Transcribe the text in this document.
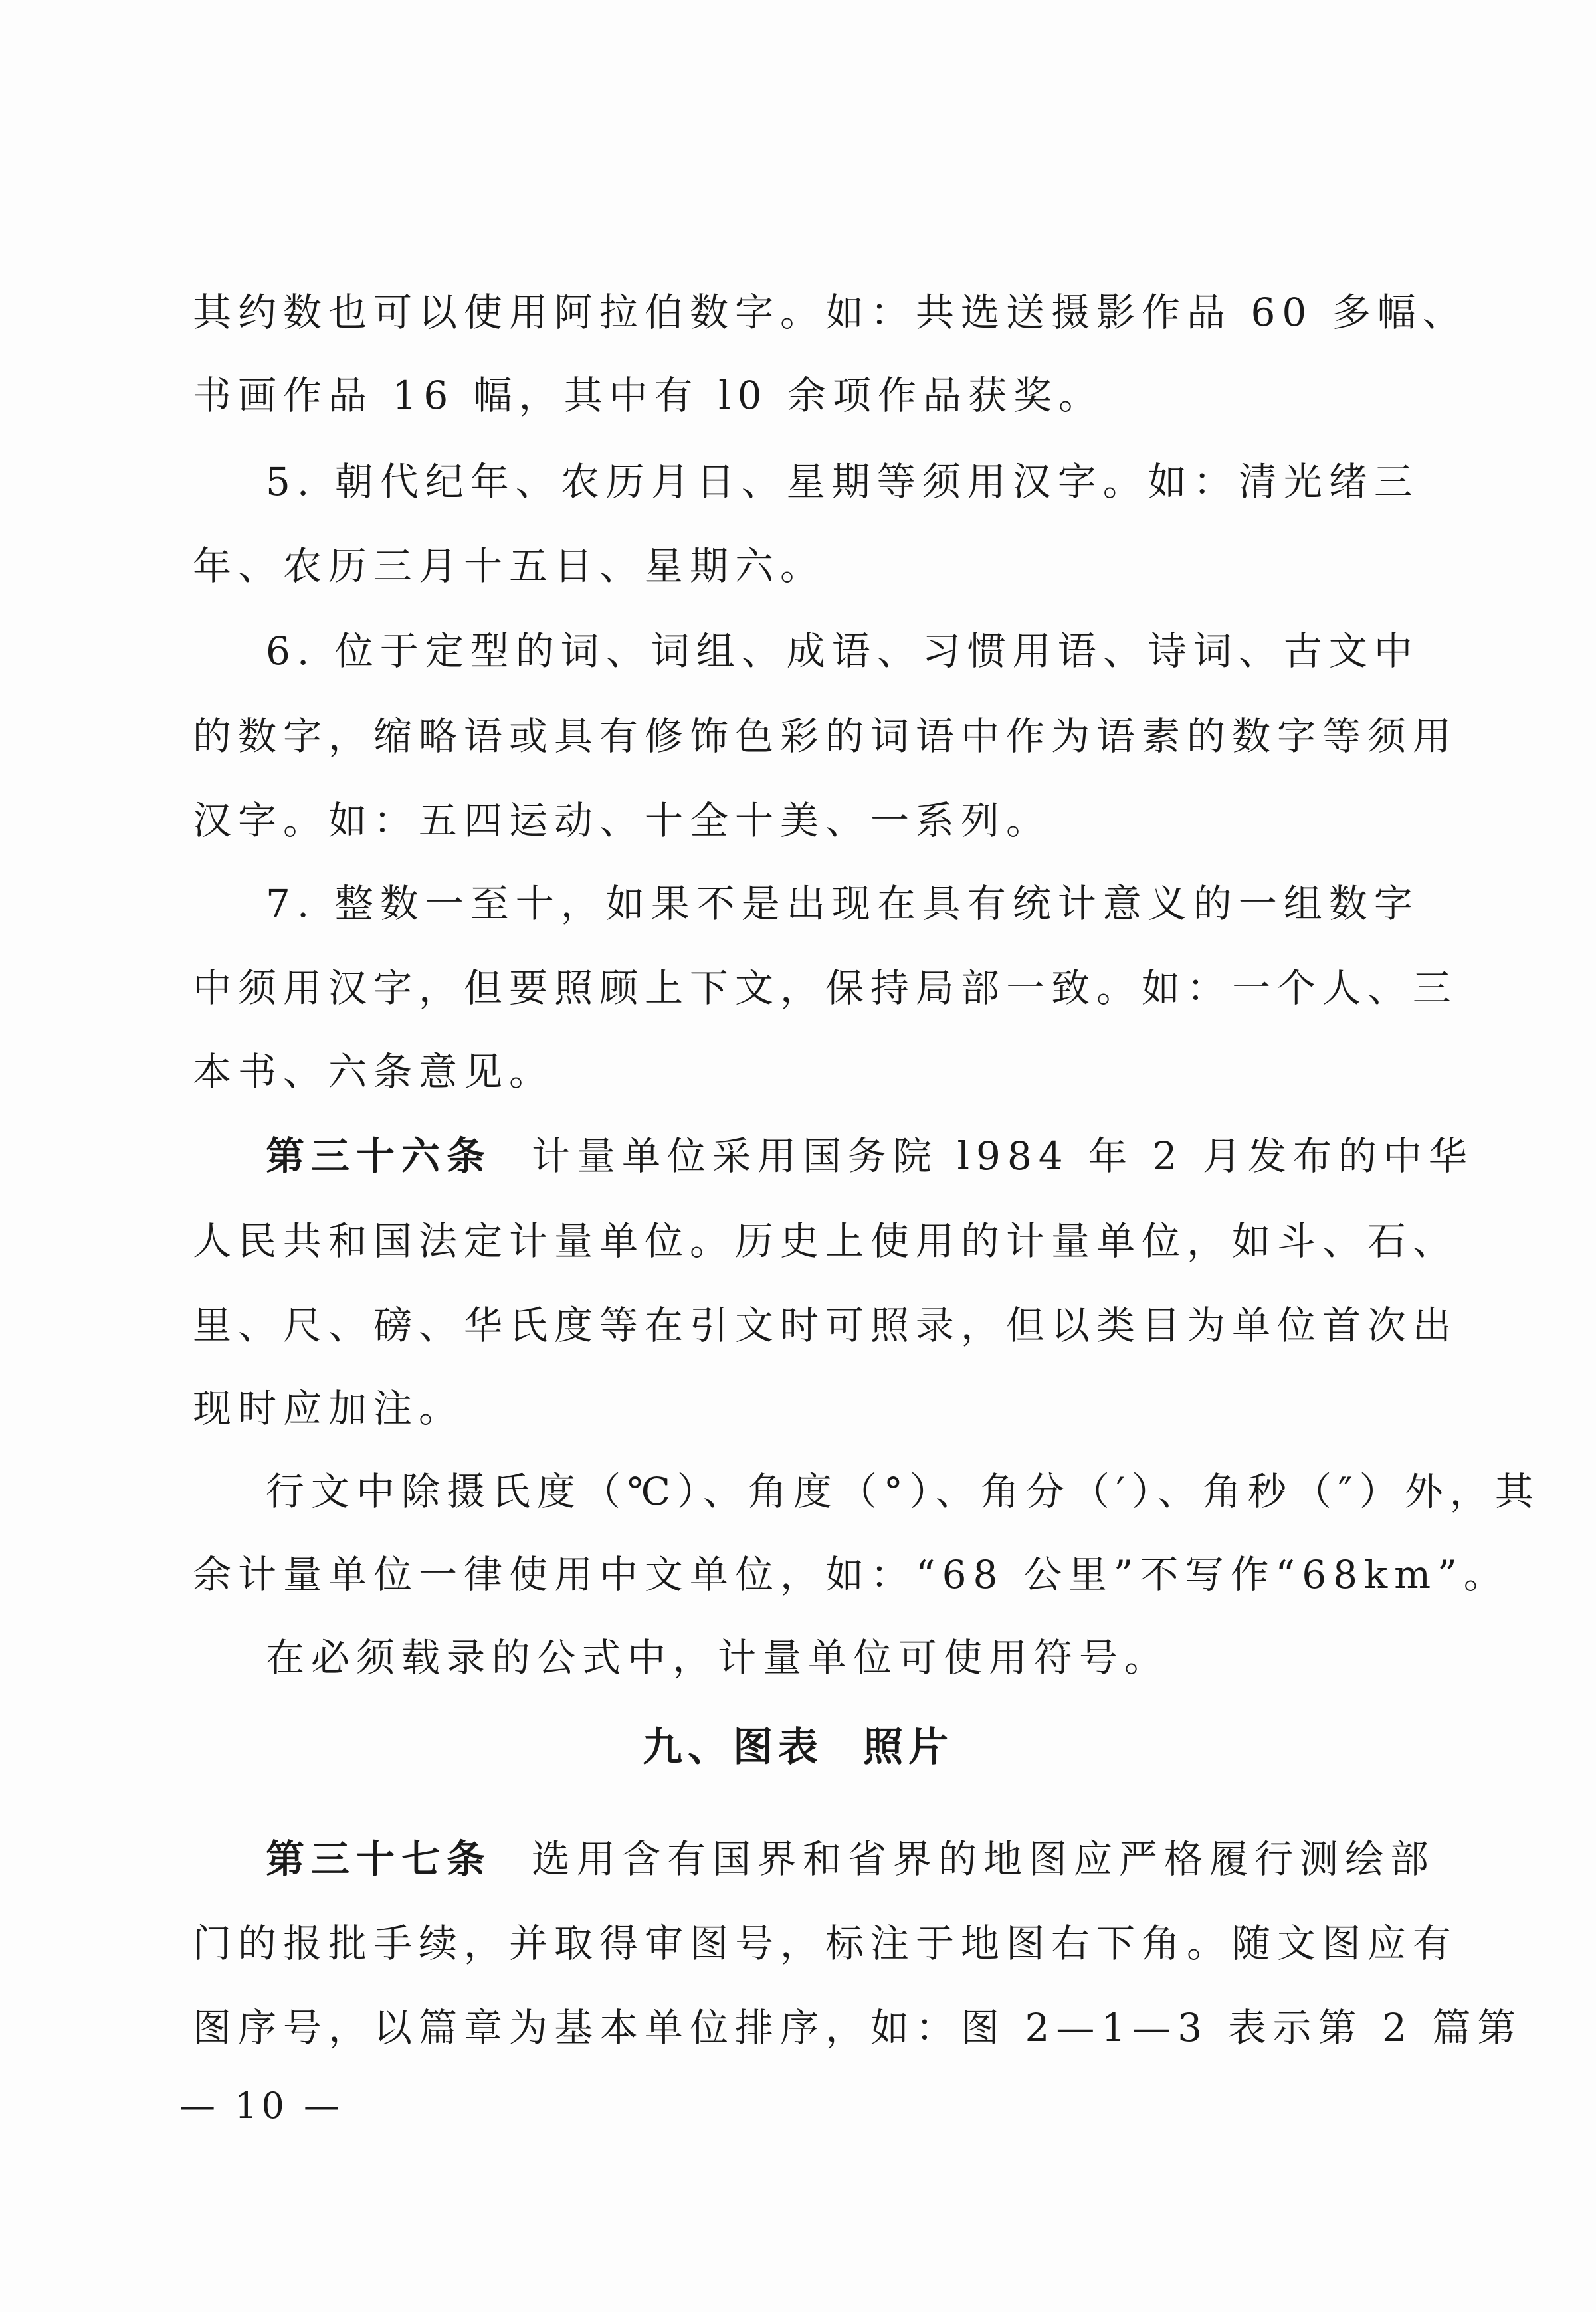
其约数也可以使用阿拉伯数字。如：共选送摄影作品 60 多幅、
书画作品 16 幅，其中有 l0 余项作品获奖。
5. 朝代纪年、农历月日、星期等须用汉字。如：清光绪三
年、农历三月十五日、星期六。
6. 位于定型的词、词组、成语、习惯用语、诗词、古文中
的数字，缩略语或具有修饰色彩的词语中作为语素的数字等须用
汉字。如：五四运动、十全十美、一系列。
7. 整数一至十，如果不是出现在具有统计意义的一组数字
中须用汉字，但要照顾上下文，保持局部一致。如：一个人、三
本书、六条意见。
第三十六条 计量单位采用国务院 l984 年 2 月发布的中华
人民共和国法定计量单位。历史上使用的计量单位，如斗、石、
里、尺、磅、华氏度等在引文时可照录，但以类目为单位首次出
现时应加注。
行文中除摄氏度（℃）、角度（°）、角分（′）、角秒（″）外，其
余计量单位一律使用中文单位，如：“68 公里”不写作“68km”。
在必须载录的公式中，计量单位可使用符号。
九、图表 照片
第三十七条 选用含有国界和省界的地图应严格履行测绘部
门的报批手续，并取得审图号，标注于地图右下角。随文图应有
图序号，以篇章为基本单位排序，如：图 2—1—3 表示第 2 篇第
— 10 —
